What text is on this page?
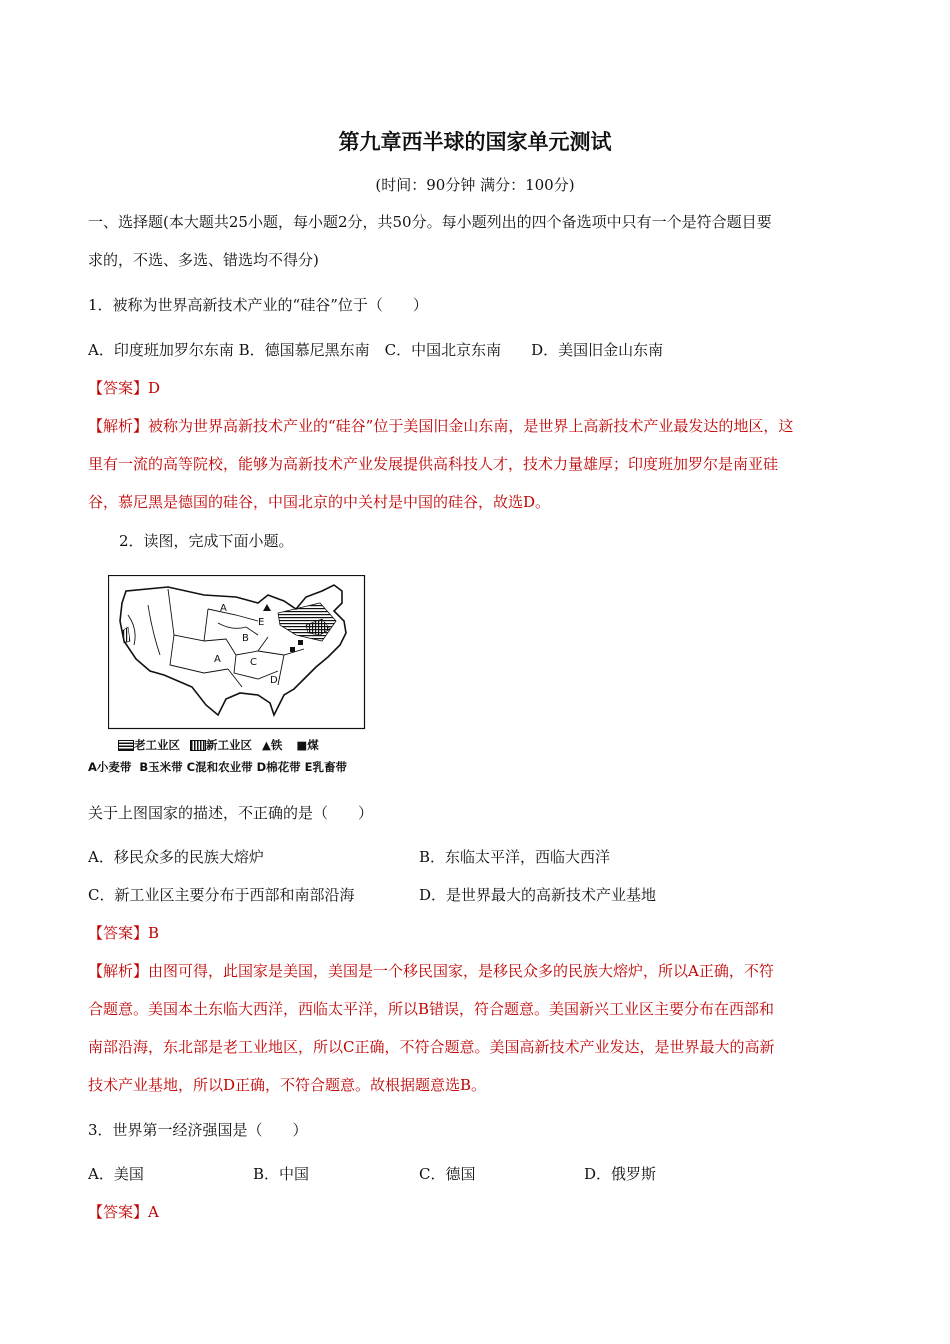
第九章西半球的国家单元测试
(时间：90分钟 满分：100分)
一、选择题(本大题共25小题，每小题2分，共50分。每小题列出的四个备选项中只有一个是符合题目要
求的，不选、多选、错选均不得分)
1．被称为世界高新技术产业的“硅谷”位于（　　）
A．印度班加罗尔东南 B．德国慕尼黑东南　C．中国北京东南　　D．美国旧金山东南
【答案】D
【解析】被称为世界高新技术产业的“硅谷”位于美国旧金山东南，是世界上高新技术产业最发达的地区，这
里有一流的高等院校，能够为高新技术产业发展提供高科技人才，技术力量雄厚；印度班加罗尔是南亚硅
谷，慕尼黑是德国的硅谷，中国北京的中关村是中国的硅谷，故选D。
2．读图，完成下面小题。
A
E
B
A	C
D
老工业区 新工业区 ▲铁 ■煤
A小麦带  B玉米带 C混和农业带 D棉花带 E乳畜带
关于上图国家的描述，不正确的是（　　）
A．移民众多的民族大熔炉	B．东临太平洋，西临大西洋
C．新工业区主要分布于西部和南部沿海	D．是世界最大的高新技术产业基地
【答案】B
【解析】由图可得，此国家是美国，美国是一个移民国家，是移民众多的民族大熔炉，所以A正确，不符
合题意。美国本土东临大西洋，西临太平洋，所以B错误，符合题意。美国新兴工业区主要分布在西部和
南部沿海，东北部是老工业地区，所以C正确，不符合题意。美国高新技术产业发达，是世界最大的高新
技术产业基地，所以D正确，不符合题意。故根据题意选B。
3．世界第一经济强国是（　　）
A．美国	B．中国	C．德国	D．俄罗斯
【答案】A
